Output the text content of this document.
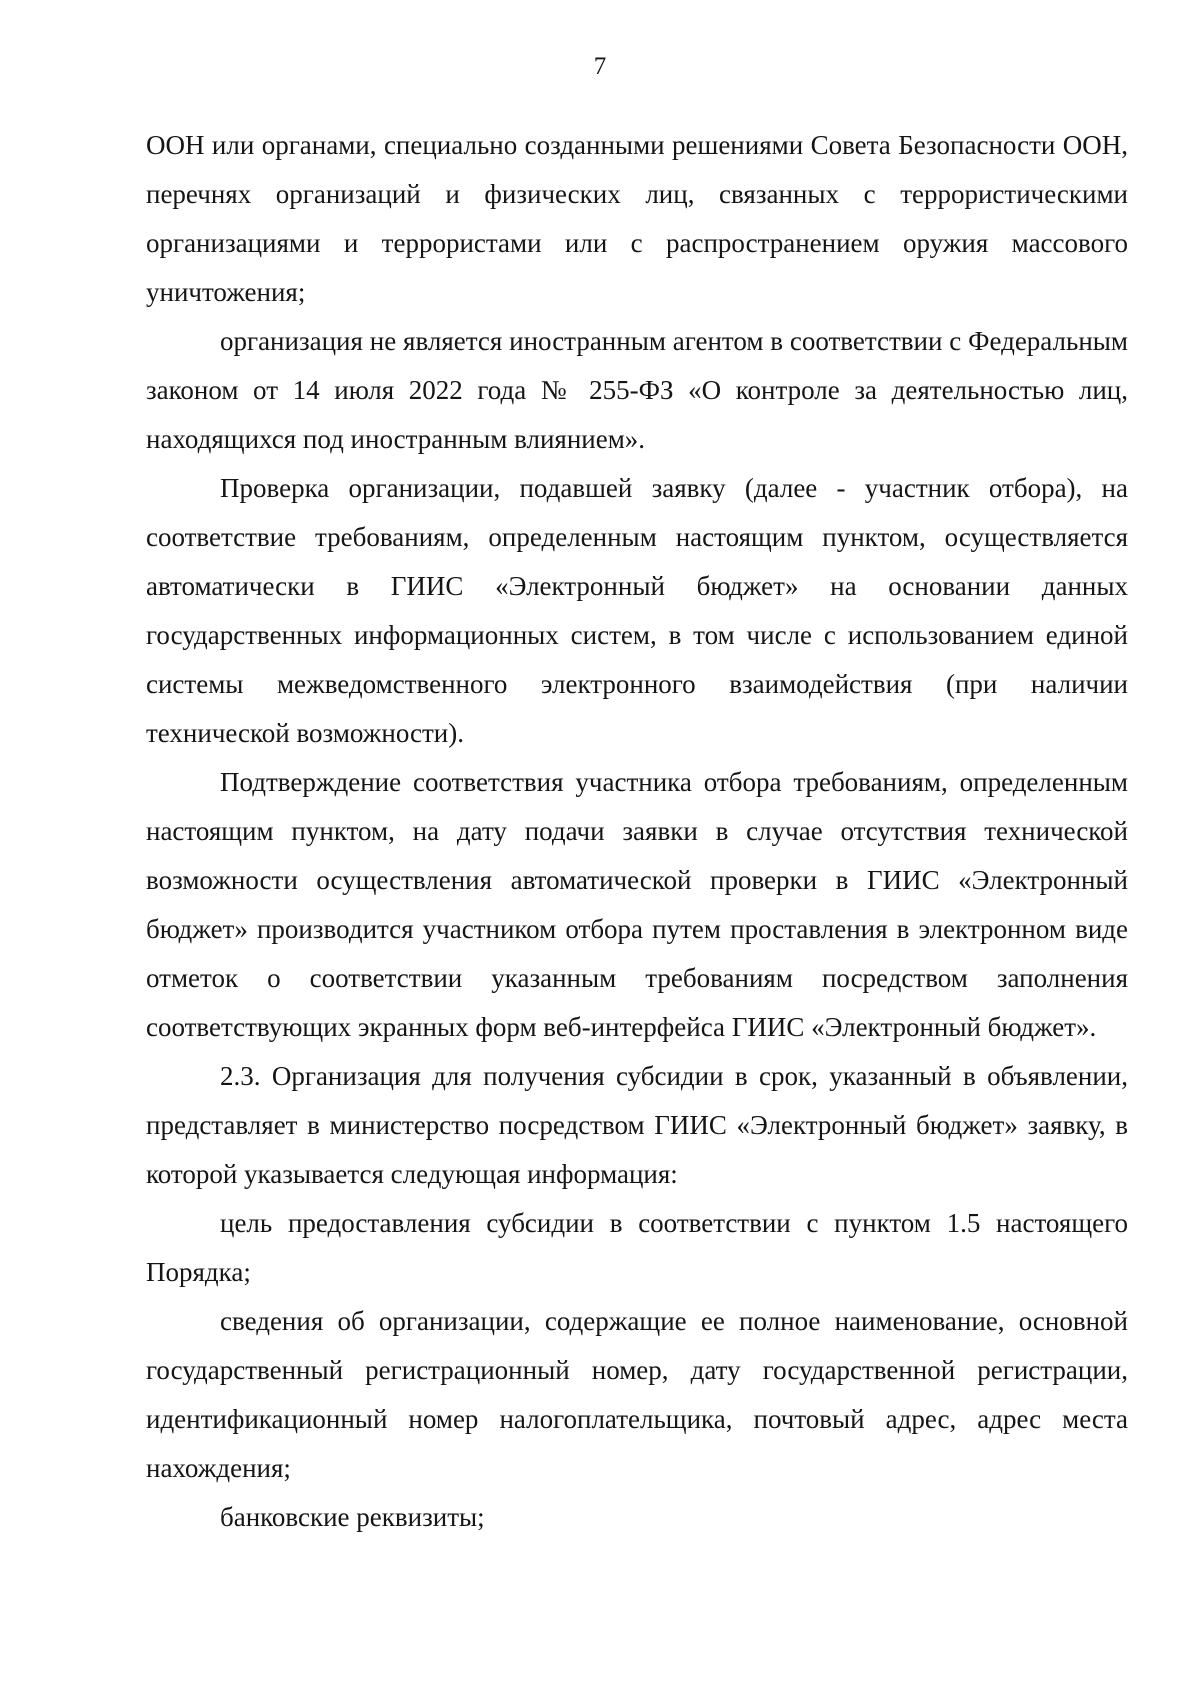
7

ООН или органами, специально созданными решениями Совета Безопасности ООН, перечнях организаций и физических лиц, связанных с террористическими организациями и террористами или с распространением оружия массового уничтожения;

организация не является иностранным агентом в соответствии с Федеральным законом от 14 июля 2022 года № 255-ФЗ «О контроле за деятельностью лиц, находящихся под иностранным влиянием».

Проверка организации, подавшей заявку (далее - участник отбора), на соответствие требованиям, определенным настоящим пунктом, осуществляется автоматически в ГИИС «Электронный бюджет» на основании данных государственных информационных систем, в том числе с использованием единой системы межведомственного электронного взаимодействия (при наличии технической возможности).

Подтверждение соответствия участника отбора требованиям, определенным настоящим пунктом, на дату подачи заявки в случае отсутствия технической возможности осуществления автоматической проверки в ГИИС «Электронный бюджет» производится участником отбора путем проставления в электронном виде отметок о соответствии указанным требованиям посредством заполнения соответствующих экранных форм веб-интерфейса ГИИС «Электронный бюджет».

2.3. Организация для получения субсидии в срок, указанный в объявлении, представляет в министерство посредством ГИИС «Электронный бюджет» заявку, в которой указывается следующая информация:

цель предоставления субсидии в соответствии с пунктом 1.5 настоящего Порядка;

сведения об организации, содержащие ее полное наименование, основной государственный регистрационный номер, дату государственной регистрации, идентификационный номер налогоплательщика, почтовый адрес, адрес места нахождения;

банковские реквизиты;
